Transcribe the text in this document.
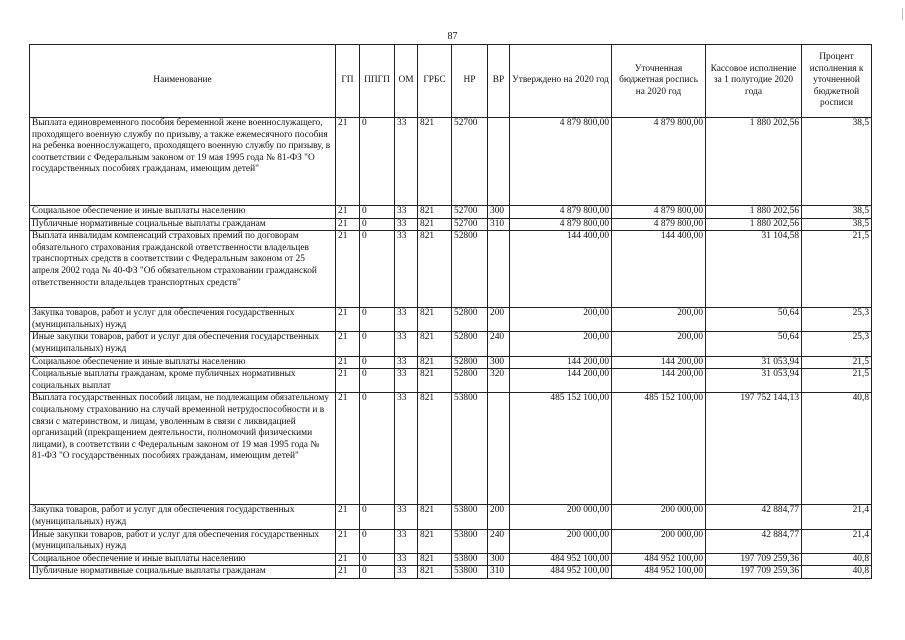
87
Наименование	ГП	ППГП	ОМ	ГРБС	НР	ВР	Утверждено на 2020 год	Уточненная бюджетная роспись на 2020 год	Кассовое исполнение за 1 полугодие 2020 года	Процент исполнения к уточненной бюджетной росписи
Выплата единовременного пособия беременной жене военнослужащего, проходящего военную службу по призыву, а также ежемесячного пособия на ребенка военнослужащего, проходящего военную службу по призыву, в соответствии с Федеральным законом от 19 мая 1995 года № 81-ФЗ "О государственных пособиях гражданам, имеющим детей"	21	0	33	821	52700		4 879 800,00	4 879 800,00	1 880 202,56	38,5
Социальное обеспечение и иные выплаты населению	21	0	33	821	52700	300	4 879 800,00	4 879 800,00	1 880 202,56	38,5
Публичные нормативные социальные выплаты гражданам	21	0	33	821	52700	310	4 879 800,00	4 879 800,00	1 880 202,56	38,5
Выплата инвалидам компенсаций страховых премий по договорам обязательного страхования гражданской ответственности владельцев транспортных средств в соответствии с Федеральным законом от 25 апреля 2002 года № 40-ФЗ "Об обязательном страховании гражданской ответственности владельцев транспортных средств"	21	0	33	821	52800		144 400,00	144 400,00	31 104,58	21,5
Закупка товаров, работ и услуг для обеспечения государственных (муниципальных) нужд	21	0	33	821	52800	200	200,00	200,00	50,64	25,3
Иные закупки товаров, работ и услуг для обеспечения государственных (муниципальных) нужд	21	0	33	821	52800	240	200,00	200,00	50,64	25,3
Социальное обеспечение и иные выплаты населению	21	0	33	821	52800	300	144 200,00	144 200,00	31 053,94	21,5
Социальные выплаты гражданам, кроме публичных нормативных социальных выплат	21	0	33	821	52800	320	144 200,00	144 200,00	31 053,94	21,5
Выплата государственных пособий лицам, не подлежащим обязательному социальному страхованию на случай временной нетрудоспособности и в связи с материнством, и лицам, уволенным в связи с ликвидацией организаций (прекращением деятельности, полномочий физическими лицами), в соответствии с Федеральным законом от 19 мая 1995 года № 81-ФЗ "О государственных пособиях гражданам, имеющим детей"	21	0	33	821	53800		485 152 100,00	485 152 100,00	197 752 144,13	40,8
Закупка товаров, работ и услуг для обеспечения государственных (муниципальных) нужд	21	0	33	821	53800	200	200 000,00	200 000,00	42 884,77	21,4
Иные закупки товаров, работ и услуг для обеспечения государственных (муниципальных) нужд	21	0	33	821	53800	240	200 000,00	200 000,00	42 884,77	21,4
Социальное обеспечение и иные выплаты населению	21	0	33	821	53800	300	484 952 100,00	484 952 100,00	197 709 259,36	40,8
Публичные нормативные социальные выплаты гражданам	21	0	33	821	53800	310	484 952 100,00	484 952 100,00	197 709 259,36	40,8
